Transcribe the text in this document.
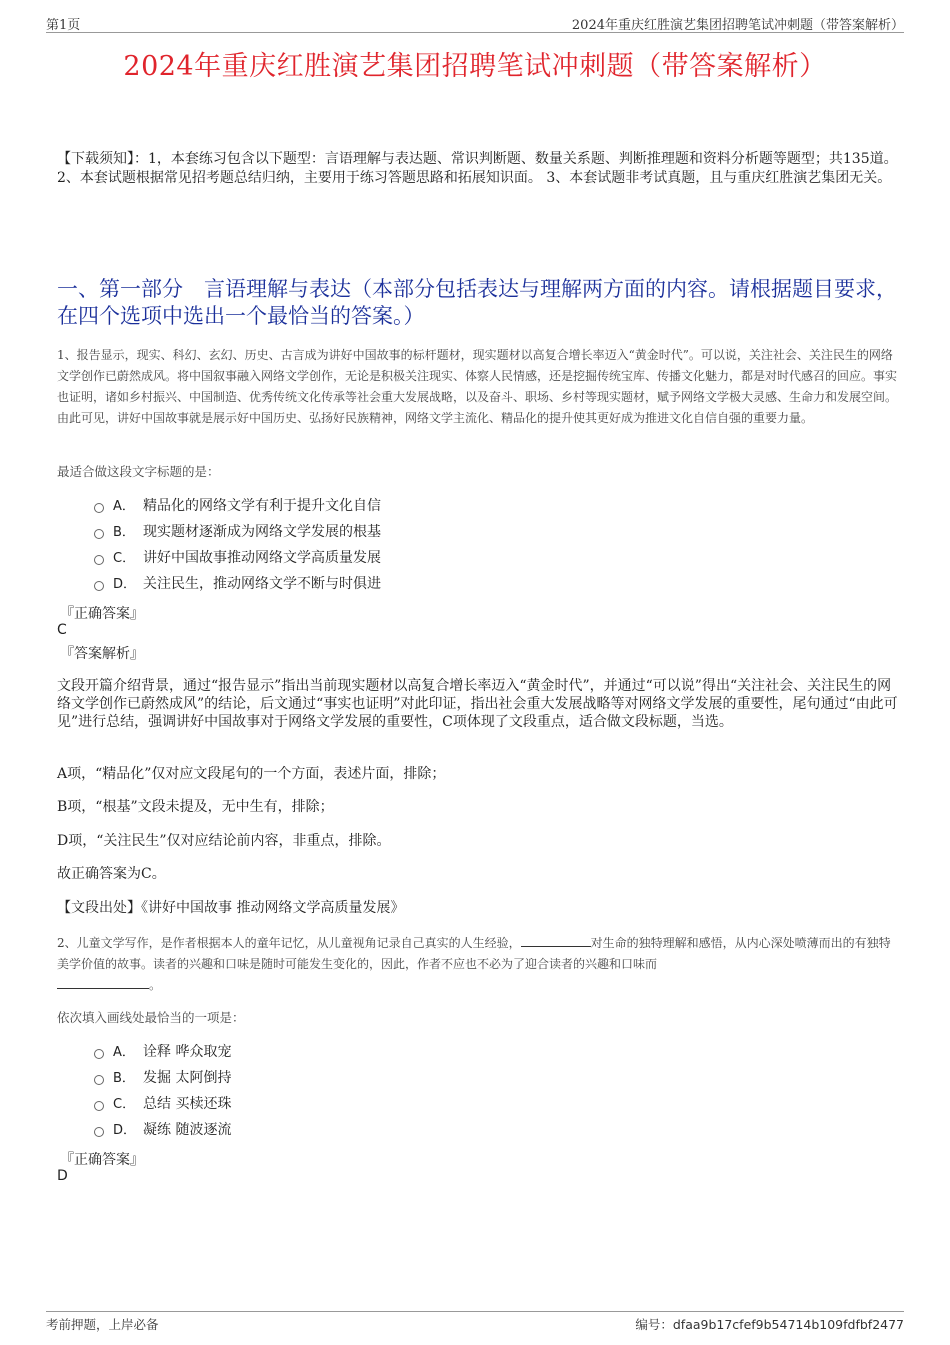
第1页	2024年重庆红胜演艺集团招聘笔试冲刺题（带答案解析）
2024年重庆红胜演艺集团招聘笔试冲刺题（带答案解析）
【下载须知】：1，本套练习包含以下题型：言语理解与表达题、常识判断题、数量关系题、判断推理题和资料分析题等题型；共135道。 2、本套试题根据常见招考题总结归纳，主要用于练习答题思路和拓展知识面。 3、本套试题非考试真题，且与重庆红胜演艺集团无关。
一、第一部分　言语理解与表达（本部分包括表达与理解两方面的内容。请根据题目要求，在四个选项中选出一个最恰当的答案。）
1、报告显示，现实、科幻、玄幻、历史、古言成为讲好中国故事的标杆题材，现实题材以高复合增长率迈入“黄金时代”。可以说，关注社会、关注民生的网络文学创作已蔚然成风。将中国叙事融入网络文学创作，无论是积极关注现实、体察人民情感，还是挖掘传统宝库、传播文化魅力，都是对时代感召的回应。事实也证明，诸如乡村振兴、中国制造、优秀传统文化传承等社会重大发展战略，以及奋斗、职场、乡村等现实题材，赋予网络文学极大灵感、生命力和发展空间。由此可见，讲好中国故事就是展示好中国历史、弘扬好民族精神，网络文学主流化、精品化的提升使其更好成为推进文化自信自强的重要力量。
最适合做这段文字标题的是：
A． 精品化的网络文学有利于提升文化自信
B． 现实题材逐渐成为网络文学发展的根基
C． 讲好中国故事推动网络文学高质量发展
D． 关注民生，推动网络文学不断与时俱进
『正确答案』
C
『答案解析』
文段开篇介绍背景，通过“报告显示”指出当前现实题材以高复合增长率迈入“黄金时代”，并通过“可以说”得出“关注社会、关注民生的网络文学创作已蔚然成风”的结论，后文通过“事实也证明”对此印证，指出社会重大发展战略等对网络文学发展的重要性，尾句通过“由此可见”进行总结，强调讲好中国故事对于网络文学发展的重要性，C项体现了文段重点，适合做文段标题，当选。
A项，“精品化”仅对应文段尾句的一个方面，表述片面，排除；
B项，“根基”文段未提及，无中生有，排除；
D项，“关注民生”仅对应结论前内容，非重点，排除。
故正确答案为C。
【文段出处】《讲好中国故事 推动网络文学高质量发展》
2、儿童文学写作，是作者根据本人的童年记忆，从儿童视角记录自己真实的人生经验，	对生命的独特理解和感悟，从内心深处喷薄而出的有独特美学价值的故事。读者的兴趣和口味是随时可能发生变化的，因此，作者不应也不必为了迎合读者的兴趣和口味而
。
依次填入画线处最恰当的一项是：
A． 诠释 哗众取宠
B． 发掘 太阿倒持
C． 总结 买椟还珠
D． 凝练 随波逐流
『正确答案』
D
考前押题，上岸必备	编号：dfaa9b17cfef9b54714b109fdfbf2477
